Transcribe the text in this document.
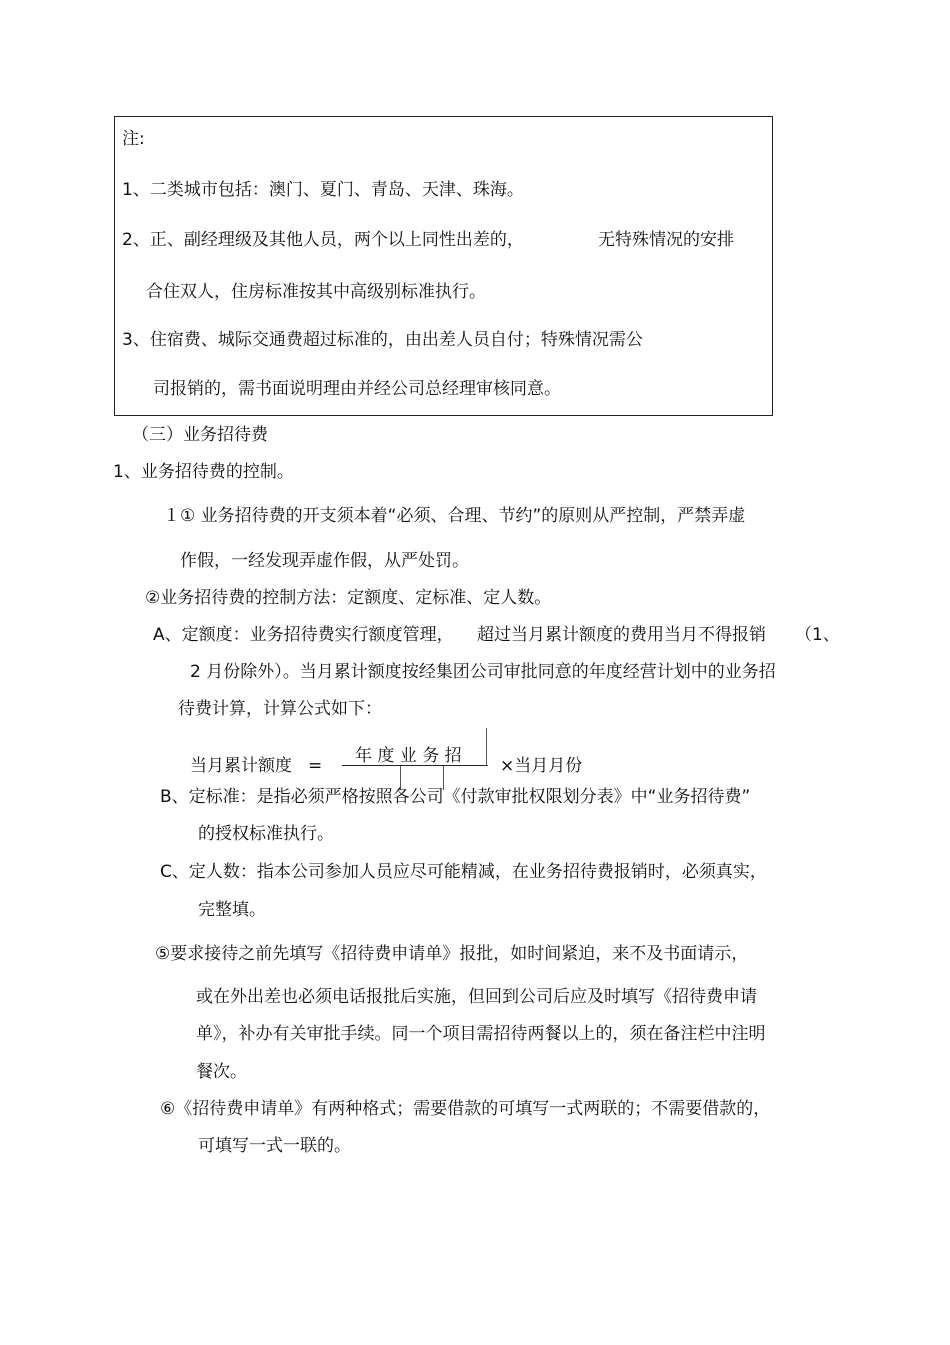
注:
1、二类城市包括：澳门、夏门、青岛、天津、珠海。
2、正、副经理级及其他人员，两个以上同性出差的，	无特殊情况的安排
合住双人，住房标准按其中高级别标准执行。
3、住宿费、城际交通费超过标准的，由出差人员自付；特殊情况需公
司报销的，需书面说明理由并经公司总经理审核同意。
（三）业务招待费
1、业务招待费的控制。
１① 业务招待费的开支须本着“必须、合理、节约”的原则从严控制，严禁弄虚
作假，一经发现弄虚作假，从严处罚。
②业务招待费的控制方法：定额度、定标准、定人数。
A、定额度：业务招待费实行额度管理， 超过当月累计额度的费用当月不得报销 （1、
2 月份除外）。当月累计额度按经集团公司审批同意的年度经营计划中的业务招
待费计算，计算公式如下：
当月累计额度 = 年 度 业 务 招 ×当月月份
B、定标准：是指必须严格按照各公司《付款审批权限划分表》中“业务招待费”
的授权标准执行。
C、定人数：指本公司参加人员应尽可能精减，在业务招待费报销时，必须真实，
完整填。
⑤要求接待之前先填写《招待费申请单》报批，如时间紧迫，来不及书面请示，
或在外出差也必须电话报批后实施，但回到公司后应及时填写《招待费申请
单》，补办有关审批手续。同一个项目需招待两餐以上的，须在备注栏中注明
餐次。
⑥《招待费申请单》有两种格式；需要借款的可填写一式两联的；不需要借款的，
可填写一式一联的。
